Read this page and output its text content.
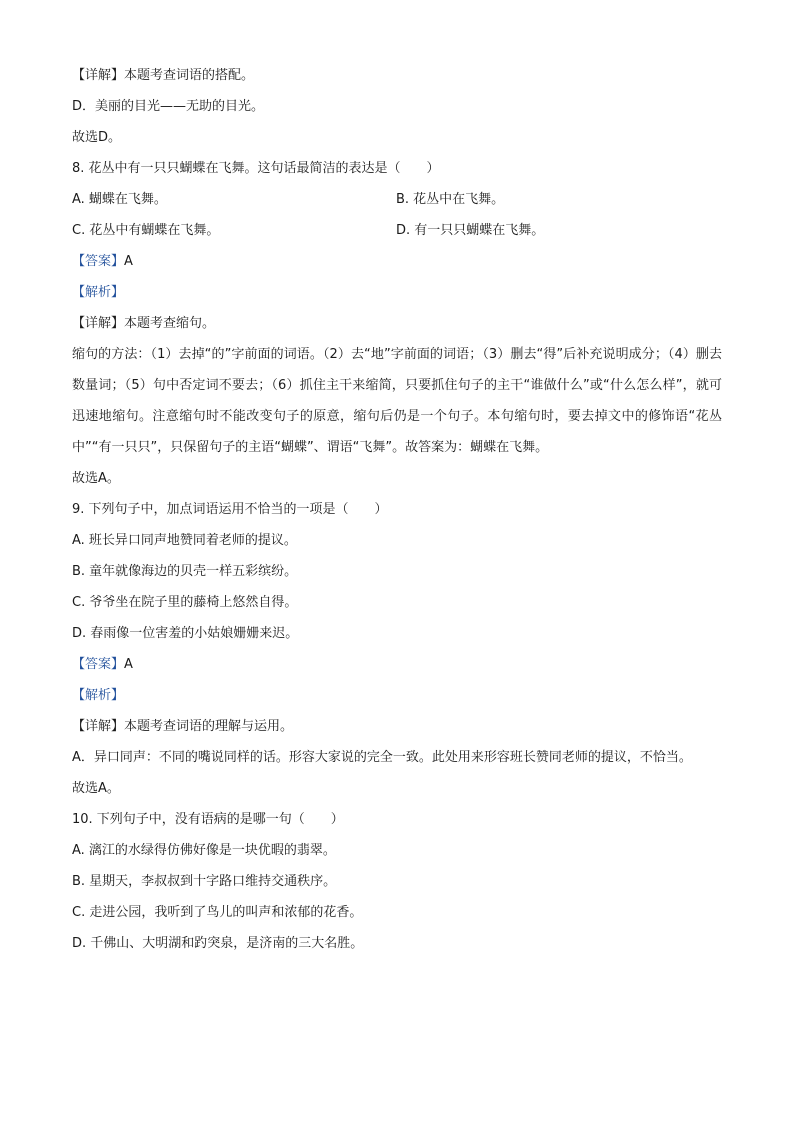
【详解】本题考查词语的搭配。
D．美丽的目光——无助的目光。
故选D。
8. 花丛中有一只只蝴蝶在飞舞。这句话最简洁的表达是（　　）
A. 蝴蝶在飞舞。	B. 花丛中在飞舞。
C. 花丛中有蝴蝶在飞舞。	D. 有一只只蝴蝶在飞舞。
【答案】A
【解析】
【详解】本题考查缩句。
缩句的方法：（1）去掉“的”字前面的词语。（2）去“地”字前面的词语；（3）删去“得”后补充说明成分；（4）删去数量词；（5）句中否定词不要去；（6）抓住主干来缩简，只要抓住句子的主干“谁做什么”或“什么怎么样”，就可迅速地缩句。注意缩句时不能改变句子的原意，缩句后仍是一个句子。本句缩句时，要去掉文中的修饰语“花丛中”“有一只只”，只保留句子的主语“蝴蝶”、谓语“飞舞”。故答案为：蝴蝶在飞舞。
故选A。
9. 下列句子中，加点词语运用不恰当的一项是（　　）
A. 班长异口同声地赞同着老师的提议。
B. 童年就像海边的贝壳一样五彩缤纷。
C. 爷爷坐在院子里的藤椅上悠然自得。
D. 春雨像一位害羞的小姑娘姗姗来迟。
【答案】A
【解析】
【详解】本题考查词语的理解与运用。
A．异口同声：不同的嘴说同样的话。形容大家说的完全一致。此处用来形容班长赞同老师的提议，不恰当。
故选A。
10. 下列句子中，没有语病的是哪一句（　　）
A. 漓江的水绿得仿佛好像是一块优暇的翡翠。
B. 星期天，李叔叔到十字路口维持交通秩序。
C. 走进公园，我听到了鸟儿的叫声和浓郁的花香。
D. 千佛山、大明湖和趵突泉，是济南的三大名胜。
